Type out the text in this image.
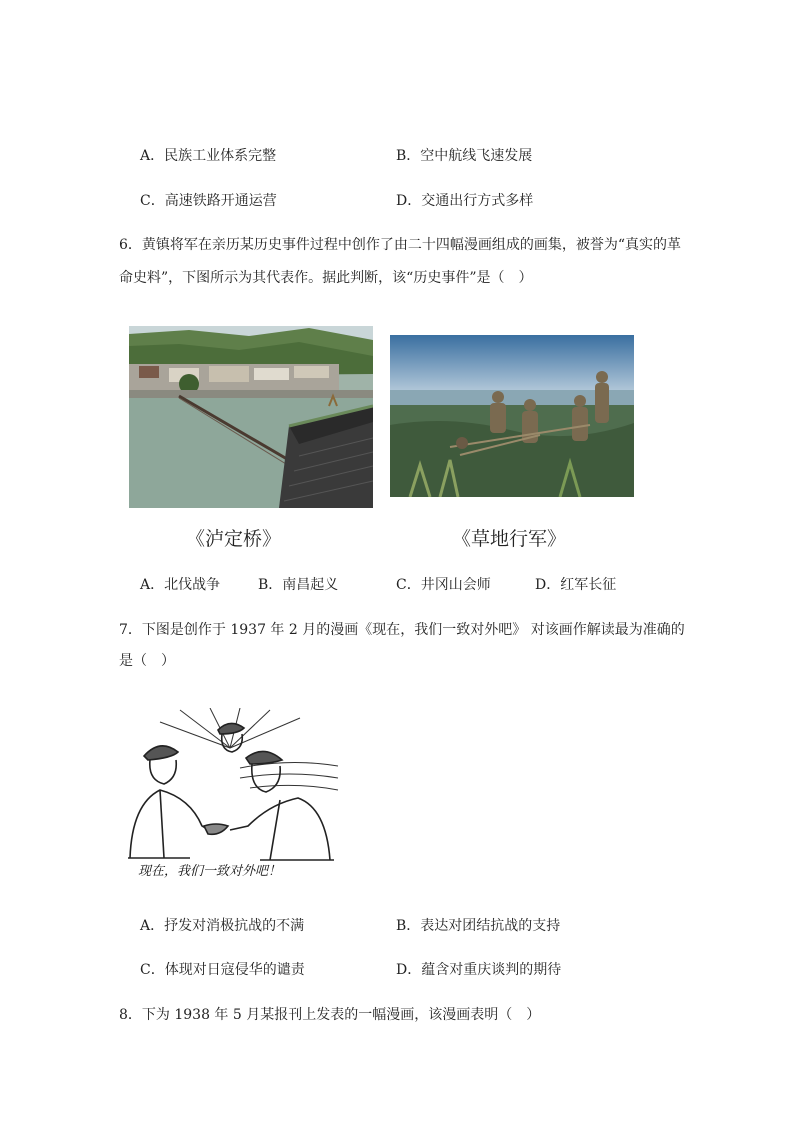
A．民族工业体系完整	B．空中航线飞速发展
C．高速铁路开通运营	D．交通出行方式多样
6．黄镇将军在亲历某历史事件过程中创作了由二十四幅漫画组成的画集，被誉为“真实的革
命史料”，下图所示为其代表作。据此判断，该“历史事件”是（　）
《泸定桥》	《草地行军》
A．北伐战争	B．南昌起义	C．井冈山会师	D．红军长征
7．下图是创作于 1937 年 2 月的漫画《现在，我们一致对外吧》 对该画作解读最为准确的
是（　）
现在，我们一致对外吧！
A．抒发对消极抗战的不满	B．表达对团结抗战的支持
C．体现对日寇侵华的谴责	D．蕴含对重庆谈判的期待
8．下为 1938 年 5 月某报刊上发表的一幅漫画，该漫画表明（　）
